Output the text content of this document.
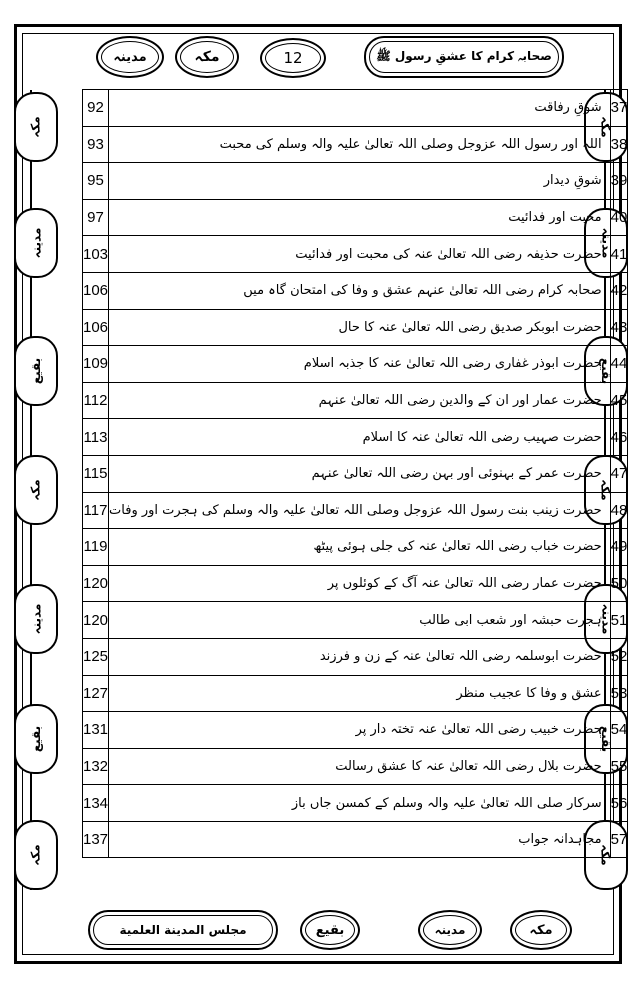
مدینہ	مکہ	12	صحابہ کرام کا عشقِ رسول ﷺ
مکہ
مدینہ
بقیع
مکہ
مدینہ
بقیع
مکہ
مکہ
مدینہ
بقیع
مکہ
مدینہ
بقیع
مکہ
92	شوقِ رفاقت	37
93	اللہ اور رسول اللہ عزوجل وصلی اللہ تعالیٰ علیہ والہ وسلم کی محبت	38
95	شوقِ دیدار	39
97	محبت اور فدائیت	40
103	حضرت حذیفہ رضی اللہ تعالیٰ عنہ کی محبت اور فدائیت	41
106	صحابہ کرام رضی اللہ تعالیٰ عنہم عشق و وفا کی امتحان گاہ میں	42
106	حضرت ابوبکر صدیق رضی اللہ تعالیٰ عنہ کا حال	43
109	حضرت ابوذر غفاری رضی اللہ تعالیٰ عنہ کا جذبہ اسلام	44
112	حضرت عمار اور ان کے والدین رضی اللہ تعالیٰ عنہم	45
113	حضرت صہیب رضی اللہ تعالیٰ عنہ کا اسلام	46
115	حضرت عمر کے بہنوئی اور بہن رضی اللہ تعالیٰ عنہم	47
117	حضرت زینب بنت رسول اللہ عزوجل وصلی اللہ تعالیٰ علیہ والہ وسلم کی ہجرت اور وفات	48
119	حضرت خباب رضی اللہ تعالیٰ عنہ کی جلی ہوئی پیٹھ	49
120	حضرت عمار رضی اللہ تعالیٰ عنہ آگ کے کوئلوں پر	50
120	ہجرت حبشہ اور شعب ابی طالب	51
125	حضرت ابوسلمہ رضی اللہ تعالیٰ عنہ کے زن و فرزند	52
127	عشق و وفا کا عجیب منظر	53
131	حضرت خبیب رضی اللہ تعالیٰ عنہ تختہ دار پر	54
132	حضرت بلال رضی اللہ تعالیٰ عنہ کا عشق رسالت	55
134	سرکار صلی اللہ تعالیٰ علیہ والہ وسلم کے کمسن جاں باز	56
137	مجاہدانہ جواب	57
مجلس المدینة العلمیة	بقیع	مدینہ	مکہ
